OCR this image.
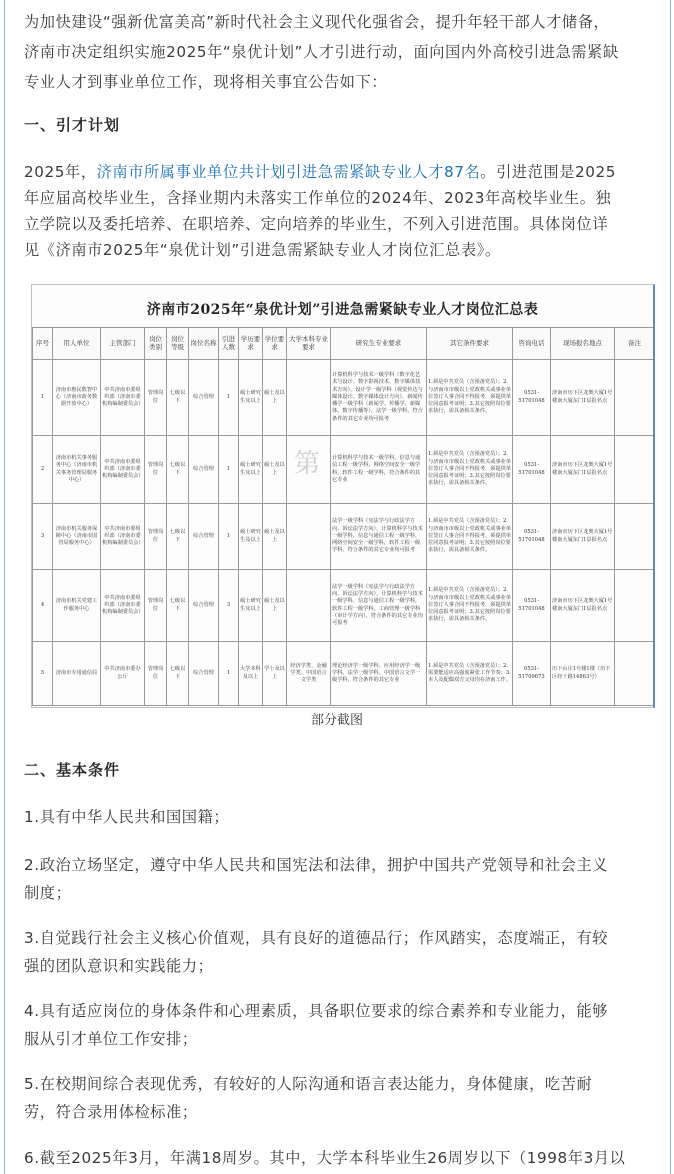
为加快建设“强新优富美高”新时代社会主义现代化强省会，提升年轻干部人才储备，
济南市决定组织实施2025年“泉优计划”人才引进行动，面向国内外高校引进急需紧缺
专业人才到事业单位工作，现将相关事宜公告如下：
一、引才计划
2025年，济南市所属事业单位共计划引进急需紧缺专业人才87名。引进范围是2025
年应届高校毕业生，含择业期内未落实工作单位的2024年、2023年高校毕业生。独
立学院以及委托培养、在职培养、定向培养的毕业生，不列入引进范围。具体岗位详
见《济南市2025年“泉优计划”引进急需紧缺专业人才岗位汇总表》。
济南市2025年“泉优计划”引进急需紧缺专业人才岗位汇总表
第
序号	用人单位	主管部门	岗位类别	岗位等级	岗位名称	引进人数	学历要求	学位要求	大学本科专业要求	研究生专业要求	其它条件要求	咨询电话	现场报名地点	备注
1	济南市惠民数智中心（济南市政务数据开放中心）	中共济南市委组织部（济南市委机构编制委员会）	管理岗位	七级以下	综合管理	1	硕士研究生及以上	硕士及以上		计算机科学与技术一级学科（数字化艺术与设计、数字影视技术、数字媒体技术方向），设计学一级学科（视觉传达与媒体设计、数字媒体设计方向），新闻传播学一级学科（新闻学、传播学、新媒体、数字传播等），法学一级学科，符合条件的其它专业均可报考	1.须是中共党员（含预备党员）；2.与济南市市级以上党政机关或事业单位签订人事合同不得报考，须提供单位同意报考证明；3.其它按照岗位要求执行，需具备相关条件。	0531-51701048	济南市历下区龙奥大厦1号楼南大厦东门1层报名点	
2	济南市机关事务服务中心（济南市机关事务管理局服务中心）	中共济南市委组织部（济南市委机构编制委员会）	管理岗位	七级以下	综合管理	1	硕士研究生及以上	硕士及以上		计算机科学与技术一级学科，信息与通信工程一级学科，网络空间安全一级学科，软件工程一级学科，符合条件的其它专业	1.须是中共党员（含预备党员）；2.与济南市市级以上党政机关或事业单位签订人事合同不得报考，须提供单位同意报考证明；3.其它按照岗位要求执行，需具备相关条件。	0531-51701048	济南市历下区龙奥大厦1号楼南大厦东门1层报名点	
3	济南市机关服务保障中心（济南市国管局服务中心）	中共济南市委组织部（济南市委机构编制委员会）	管理岗位	七级以下	综合管理	1	硕士研究生及以上	硕士及以上		法学一级学科（宪法学与行政法学方向、诉讼法学方向），计算机科学与技术一级学科，信息与通信工程一级学科，网络空间安全一级学科，软件工程一级学科，符合条件的其它专业均可报考	1.须是中共党员（含预备党员）；2.与济南市市级以上党政机关或事业单位签订人事合同不得报考，须提供单位同意报考证明；3.其它按照岗位要求执行，需具备相关条件。	0531-51701048	济南市历下区龙奥大厦1号楼南大厦东门1层报名点	
4	济南市机关党建工作服务中心	中共济南市委组织部（济南市委机构编制委员会）	管理岗位	七级以下	综合管理	3	硕士研究生及以上	硕士及以上		法学一级学科（宪法学与行政法学方向、诉讼法学方向），计算机科学与技术一级学科，信息与通信工程一级学科，软件工程一级学科，工商管理一级学科（审计学方向），符合条件的其它专业均可报考	1.须是中共党员（含预备党员）；2.与济南市市级以上党政机关或事业单位签订人事合同不得报考，须提供单位同意报考证明；3.其它按照岗位要求执行，需具备相关条件。	0531-51701048	济南市历下区龙奥大厦1号楼南大厦东门1层报名点	
5	济南市专用通信局	中共济南市委办公厅	管理岗位	七级以下	综合管理	1	大学本科及以上	学士及以上	经济学类、金融学类、中国语言文学类	理论经济学一级学科、应用经济学一级学科、法学一级学科、中国语言文学一级学科，符合条件的其它专业	1.须是中共党员（含预备党员）；2.需要能适应高强度紧张工作节奏；3.本人及配偶双方父母均在济南工作。	0531-51709673	历下山庄1号楼1楼（历下区经十路14863号）	
部分截图
二、基本条件
1.具有中华人民共和国国籍；
2.政治立场坚定，遵守中华人民共和国宪法和法律，拥护中国共产党领导和社会主义
制度；
3.自觉践行社会主义核心价值观，具有良好的道德品行；作风踏实，态度端正，有较
强的团队意识和实践能力；
4.具有适应岗位的身体条件和心理素质，具备职位要求的综合素养和专业能力，能够
服从引才单位工作安排；
5.在校期间综合表现优秀，有较好的人际沟通和语言表达能力，身体健康，吃苦耐
劳，符合录用体检标准；
6.截至2025年3月，年满18周岁。其中，大学本科毕业生26周岁以下（1998年3月以
